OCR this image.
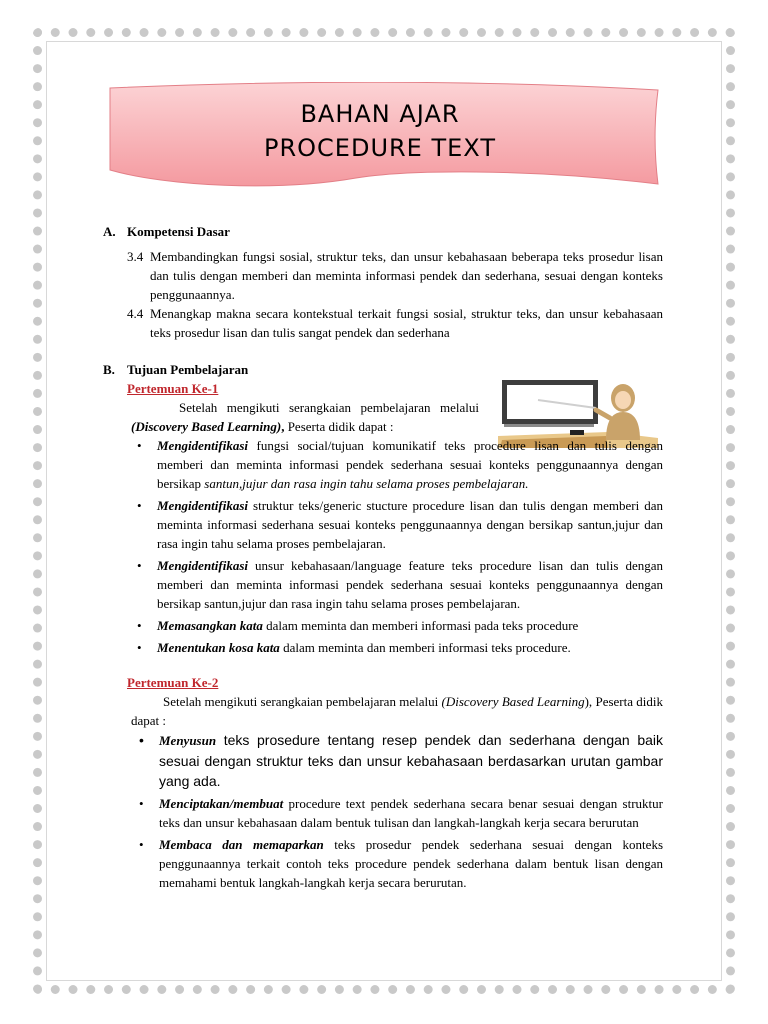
BAHAN AJAR
PROCEDURE TEXT
A. Kompetensi Dasar
3.4 Membandingkan fungsi sosial, struktur teks, dan unsur kebahasaan beberapa teks prosedur lisan dan tulis dengan memberi dan meminta informasi pendek dan sederhana, sesuai dengan konteks penggunaannya.
4.4 Menangkap makna secara kontekstual terkait fungsi sosial, struktur teks, dan unsur kebahasaan teks prosedur lisan dan tulis sangat pendek dan sederhana
B. Tujuan Pembelajaran
Pertemuan Ke-1
Setelah mengikuti serangkaian pembelajaran melalui (Discovery Based Learning), Peserta didik dapat :
• Mengidentifikasi fungsi social/tujuan komunikatif teks procedure lisan dan tulis dengan memberi dan meminta informasi pendek sederhana sesuai konteks penggunaannya dengan bersikap santun,jujur dan rasa ingin tahu selama proses pembelajaran.
• Mengidentifikasi struktur teks/generic stucture procedure lisan dan tulis dengan memberi dan meminta informasi sederhana sesuai konteks penggunaannya dengan bersikap santun,jujur dan rasa ingin tahu selama proses pembelajaran.
• Mengidentifikasi unsur kebahasaan/language feature teks procedure lisan dan tulis dengan memberi dan meminta informasi pendek sederhana sesuai konteks penggunaannya dengan bersikap santun,jujur dan rasa ingin tahu selama proses pembelajaran.
• Memasangkan kata dalam meminta dan memberi informasi pada teks procedure
• Menentukan kosa kata dalam meminta dan memberi informasi teks procedure.
Pertemuan Ke-2
Setelah mengikuti serangkaian pembelajaran melalui (Discovery Based Learning), Peserta didik dapat :
• Menyusun teks prosedure tentang resep pendek dan sederhana dengan baik sesuai dengan struktur teks dan unsur kebahasaan berdasarkan urutan gambar yang ada.
• Menciptakan/membuat procedure text pendek sederhana secara benar sesuai dengan struktur teks dan unsur kebahasaan dalam bentuk tulisan dan langkah-langkah kerja secara berurutan
• Membaca dan memaparkan teks prosedur pendek sederhana sesuai dengan konteks penggunaannya terkait contoh teks procedure pendek sederhana dalam bentuk lisan dengan memahami bentuk langkah-langkah kerja secara berurutan.
